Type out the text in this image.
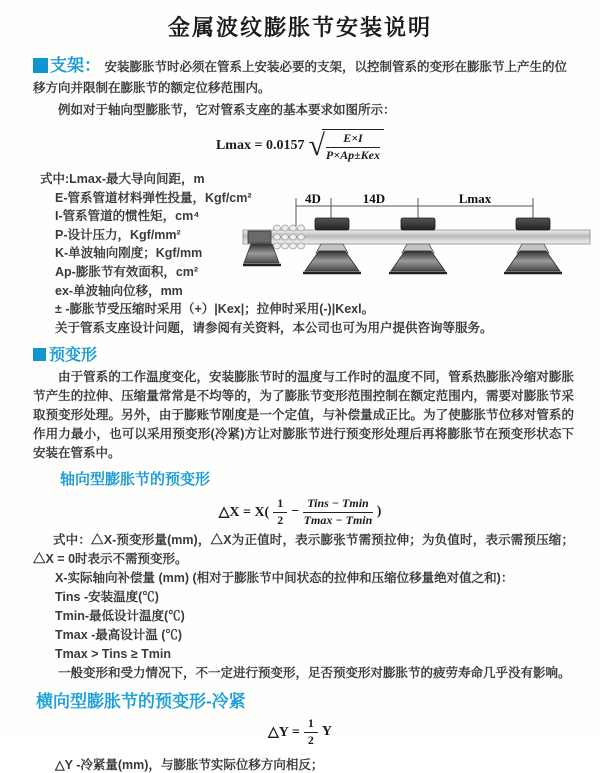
金属波纹膨胀节安装说明
支架： 安装膨胀节时必须在管系上安装必要的支架，以控制管系的变形在膨胀节上产生的位移方向并限制在膨胀节的额定位移范围内。
例如对于轴向型膨胀节，它对管系支座的基本要求如图所示：
Lmax = 0.0157 √ $\frac{E\times I}{\text{P×Ap±Kex}}$
式中:Lmax-最大导向间距，m
E-管系管道材料弹性投量，Kgf/cm²
I-管系管道的惯性矩，cm⁴
P-设计压力，Kgf/mm²
K-单波轴向刚度；Kgf/mm
Ap-膨胀节有效面积，cm²
ex-单波轴向位移，mm
± -膨胀节受压缩时采用（+）|Kex|；拉伸时采用(-)|Kexl。
关于管系支座设计问题，请参阅有关资料，本公司也可为用户提供咨询等服务。
预变形
由于管系的工作温度变化，安装膨胀节时的温度与工作时的温度不同，管系热膨胀冷缩对膨胀节产生的拉伸、压缩量常常是不均等的，为了膨胀节变形范围控制在额定范围内，需要对膨胀节采取预变形处理。另外，由于膨账节刚度是一个定值，与补偿量成正比。为了使膨胀节位移对管系的作用力最小，也可以采用预变形(冷紧)方让对膨胀节进行预变形处理后再将膨胀节在预变形状态下安装在管系中。
轴向型膨胀节的预变形
△X = $X( \frac{1}{2} - \frac{\text{Tins − Tmin}}{Tmax - Tmin}$ )

式中：△X-预变形量(mm)，△X为正值时，表示膨张节需预拉伸；为负值时，表示需预压缩；△X = 0时表示不需预变形。

X-实际轴向补偿量 (mm) (相对于膨胀节中间状态的拉伸和压缩位移量绝对值之和)：

Tins -安装温度(℃)

Tmin-最低设计温度(℃)

Tmax -最高设计温 (℃)

Tmax > Tins ≥ Tmin

一般变形和受力情况下，不一定进行预变形，足否预变形对膨胀节的疲劳寿命几乎没有影响。

横向型膨胀节的预变形-冷紧
△Y = $\frac{1}{2}$ Y
△Y -冷紧量(mm)，与膨胀节实际位移方向相反；
4D	14D	Lmax
